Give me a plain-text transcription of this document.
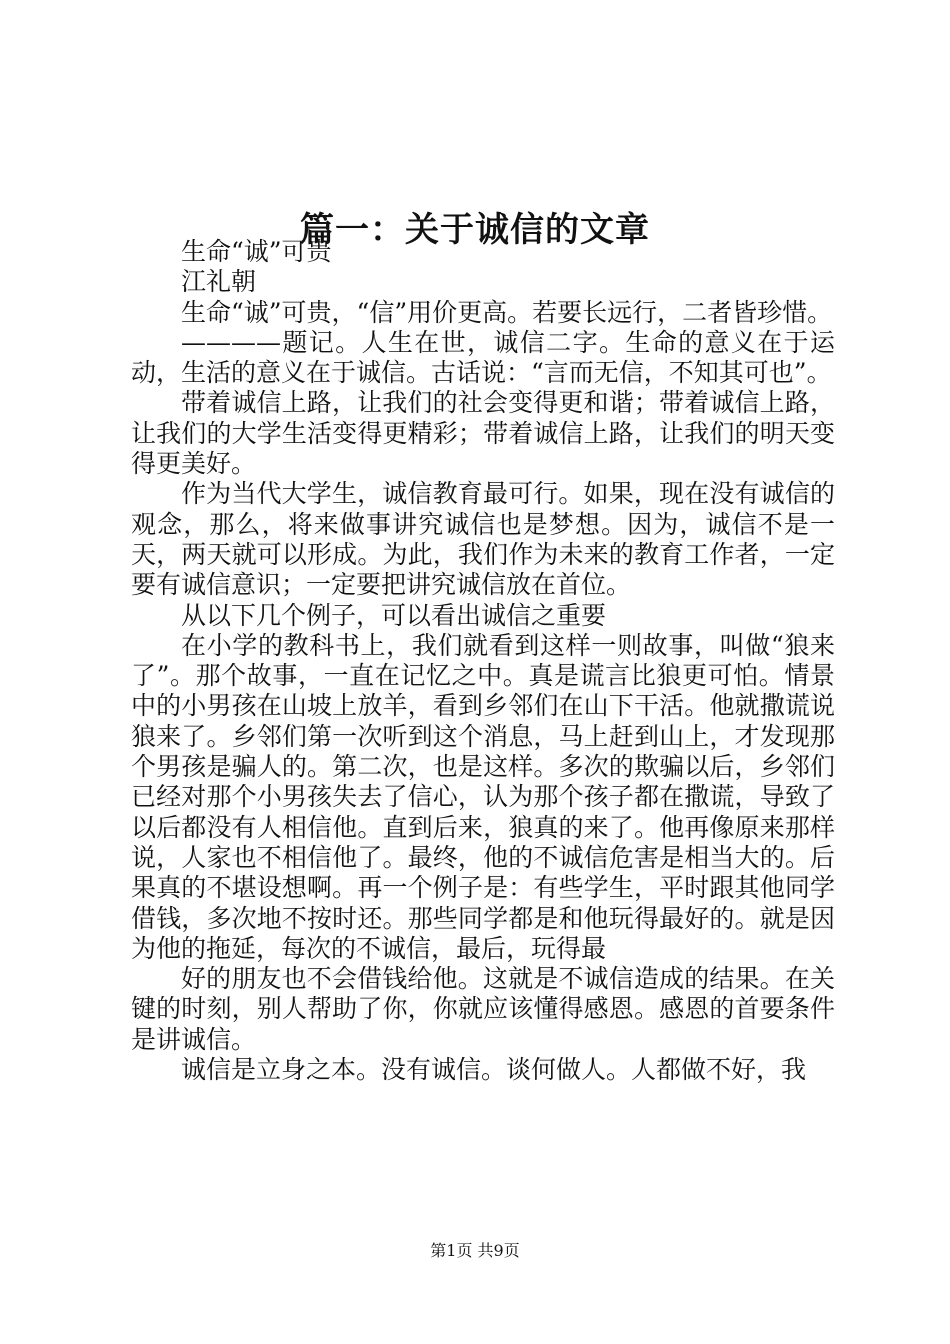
篇一：关于诚信的文章

生命“诚”可贵

江礼朝

生命“诚”可贵，“信”用价更高。若要长远行，二者皆珍惜。

————题记。人生在世，诚信二字。生命的意义在于运动，生活的意义在于诚信。古话说：“言而无信，不知其可也”。

带着诚信上路，让我们的社会变得更和谐；带着诚信上路，让我们的大学生活变得更精彩；带着诚信上路，让我们的明天变得更美好。

作为当代大学生，诚信教育最可行。如果，现在没有诚信的观念，那么，将来做事讲究诚信也是梦想。因为，诚信不是一天，两天就可以形成。为此，我们作为未来的教育工作者，一定要有诚信意识；一定要把讲究诚信放在首位。

从以下几个例子，可以看出诚信之重要

在小学的教科书上，我们就看到这样一则故事，叫做“狼来了”。那个故事，一直在记忆之中。真是谎言比狼更可怕。情景中的小男孩在山坡上放羊，看到乡邻们在山下干活。他就撒谎说狼来了。乡邻们第一次听到这个消息，马上赶到山上，才发现那个男孩是骗人的。第二次，也是这样。多次的欺骗以后，乡邻们已经对那个小男孩失去了信心，认为那个孩子都在撒谎，导致了以后都没有人相信他。直到后来，狼真的来了。他再像原来那样说，人家也不相信他了。最终，他的不诚信危害是相当大的。后果真的不堪设想啊。再一个例子是：有些学生，平时跟其他同学借钱，多次地不按时还。那些同学都是和他玩得最好的。就是因为他的拖延，每次的不诚信，最后，玩得最

好的朋友也不会借钱给他。这就是不诚信造成的结果。在关键的时刻，别人帮助了你，你就应该懂得感恩。感恩的首要条件是讲诚信。

诚信是立身之本。没有诚信。谈何做人。人都做不好，我

第1页 共9页
